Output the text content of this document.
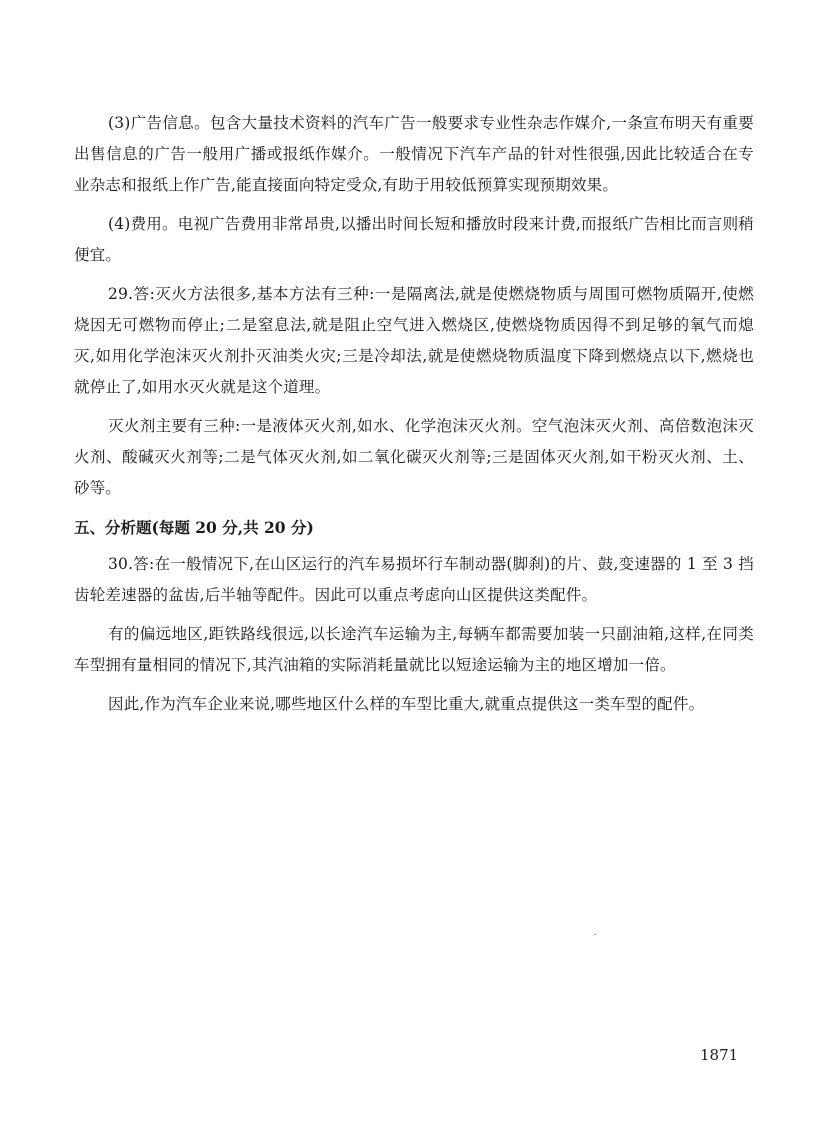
(3)广告信息。包含大量技术资料的汽车广告一般要求专业性杂志作媒介,一条宣布明天有重要出售信息的广告一般用广播或报纸作媒介。一般情况下汽车产品的针对性很强,因此比较适合在专业杂志和报纸上作广告,能直接面向特定受众,有助于用较低预算实现预期效果。

(4)费用。电视广告费用非常昂贵,以播出时间长短和播放时段来计费,而报纸广告相比而言则稍便宜。

29.答:灭火方法很多,基本方法有三种:一是隔离法,就是使燃烧物质与周围可燃物质隔开,使燃烧因无可燃物而停止;二是窒息法,就是阻止空气进入燃烧区,使燃烧物质因得不到足够的氧气而熄灭,如用化学泡沫灭火剂扑灭油类火灾;三是冷却法,就是使燃烧物质温度下降到燃烧点以下,燃烧也就停止了,如用水灭火就是这个道理。

灭火剂主要有三种:一是液体灭火剂,如水、化学泡沫灭火剂。空气泡沫灭火剂、高倍数泡沫灭火剂、酸碱灭火剂等;二是气体灭火剂,如二氧化碳灭火剂等;三是固体灭火剂,如干粉灭火剂、土、砂等。

五、分析题(每题 20 分,共 20 分)

30.答:在一般情况下,在山区运行的汽车易损坏行车制动器(脚刹)的片、鼓,变速器的 1 至 3 挡齿轮差速器的盆齿,后半轴等配件。因此可以重点考虑向山区提供这类配件。

有的偏远地区,距铁路线很远,以长途汽车运输为主,每辆车都需要加装一只副油箱,这样,在同类车型拥有量相同的情况下,其汽油箱的实际消耗量就比以短途运输为主的地区增加一倍。

因此,作为汽车企业来说,哪些地区什么样的车型比重大,就重点提供这一类车型的配件。

1871
